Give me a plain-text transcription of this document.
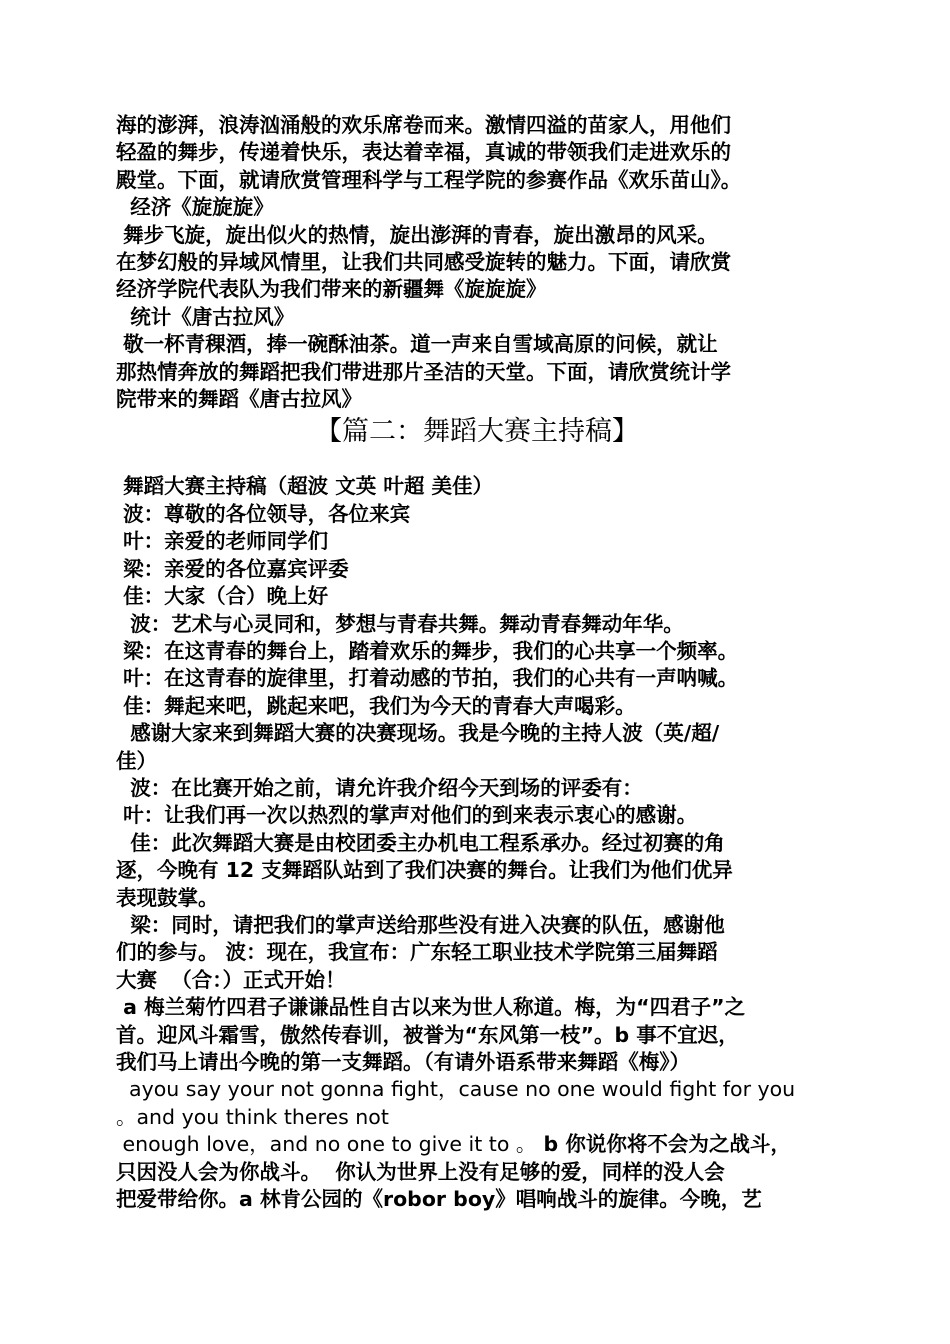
海的澎湃，浪涛汹涌般的欢乐席卷而来。激情四溢的苗家人，用他们

轻盈的舞步，传递着快乐，表达着幸福，真诚的带领我们走进欢乐的

殿堂。下面，就请欣赏管理科学与工程学院的参赛作品《欢乐苗山》。

经济《旋旋旋》

舞步飞旋，旋出似火的热情，旋出澎湃的青春，旋出激昂的风采。

在梦幻般的异域风情里，让我们共同感受旋转的魅力。下面，请欣赏

经济学院代表队为我们带来的新疆舞《旋旋旋》

统计《唐古拉风》

敬一杯青稞酒，捧一碗酥油茶。道一声来自雪域高原的问候，就让

那热情奔放的舞蹈把我们带进那片圣洁的天堂。下面，请欣赏统计学

院带来的舞蹈《唐古拉风》

【篇二：舞蹈大赛主持稿】

舞蹈大赛主持稿（超波 文英 叶超 美佳）

波：尊敬的各位领导，各位来宾

叶：亲爱的老师同学们

梁：亲爱的各位嘉宾评委

佳：大家（合）晚上好

波：艺术与心灵同和，梦想与青春共舞。舞动青春舞动年华。

梁：在这青春的舞台上，踏着欢乐的舞步，我们的心共享一个频率。

叶：在这青春的旋律里，打着动感的节拍，我们的心共有一声呐喊。

佳：舞起来吧，跳起来吧，我们为今天的青春大声喝彩。

感谢大家来到舞蹈大赛的决赛现场。我是今晚的主持人波（英/超/

佳）

波：在比赛开始之前，请允许我介绍今天到场的评委有：

叶：让我们再一次以热烈的掌声对他们的到来表示衷心的感谢。

佳：此次舞蹈大赛是由校团委主办机电工程系承办。经过初赛的角

逐，今晚有 12 支舞蹈队站到了我们决赛的舞台。让我们为他们优异

表现鼓掌。

梁：同时，请把我们的掌声送给那些没有进入决赛的队伍，感谢他

们的参与。 波：现在，我宣布：广东轻工职业技术学院第三届舞蹈

大赛  （合：）正式开始！

a 梅兰菊竹四君子谦谦品性自古以来为世人称道。梅，为“四君子”之

首。迎风斗霜雪，傲然传春训，被誉为“东风第一枝”。b 事不宜迟，

我们马上请出今晚的第一支舞蹈。（有请外语系带来舞蹈《梅》）

ayou say your not gonna fight，cause no one would fight for you

。and you think theres not

enough love，and no one to give it to 。 b 你说你将不会为之战斗，

只因没人会为你战斗。  你认为世界上没有足够的爱，同样的没人会

把爱带给你。a 林肯公园的《robor boy》唱响战斗的旋律。今晚，艺
